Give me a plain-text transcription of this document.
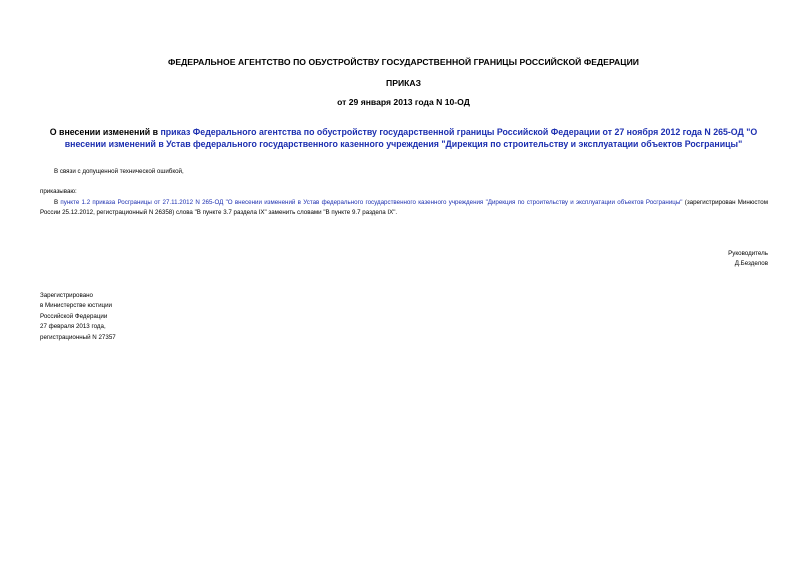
ФЕДЕРАЛЬНОЕ АГЕНТСТВО ПО ОБУСТРОЙСТВУ ГОСУДАРСТВЕННОЙ ГРАНИЦЫ РОССИЙСКОЙ ФЕДЕРАЦИИ
ПРИКАЗ
от 29 января 2013 года N 10-ОД
О внесении изменений в приказ Федерального агентства по обустройству государственной границы Российской Федерации от 27 ноября 2012 года N 265-ОД "О внесении изменений в Устав федерального государственного казенного учреждения "Дирекция по строительству и эксплуатации объектов Росграницы"
В связи с допущенной технической ошибкой,
приказываю:
В пункте 1.2 приказа Росграницы от 27.11.2012 N 265-ОД "О внесении изменений в Устав федерального государственного казенного учреждения "Дирекция по строительству и эксплуатации объектов Росграницы" (зарегистрирован Минюстом России 25.12.2012, регистрационный N 26358) слова "В пункте 3.7 раздела IX" заменить словами "В пункте 9.7 раздела IX".
Руководитель
Д.Безделов
Зарегистрировано
в Министерстве юстиции
Российской Федерации
27 февраля 2013 года,
регистрационный N 27357
